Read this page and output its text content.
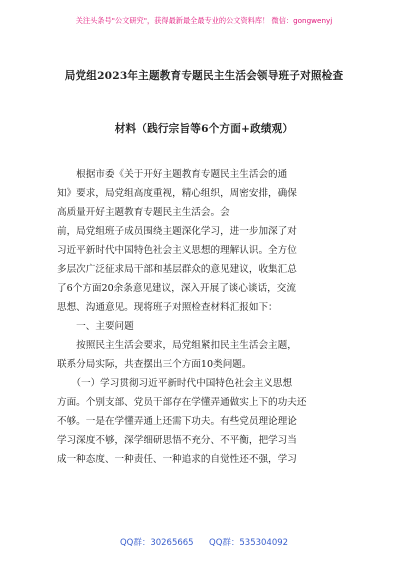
关注头条号"公文研究"，获得最新最全最专业的公文资料库！ 微信：gongwenyj
局党组2023年主题教育专题民主生活会领导班子对照检查
材料（践行宗旨等6个方面+政绩观）
　　根据市委《关于开好主题教育专题民主生活会的通
知》要求，局党组高度重视，精心组织，周密安排，确保
高质量开好主题教育专题民主生活会。会
前，局党组班子成员围绕主题深化学习，进一步加深了对
习近平新时代中国特色社会主义思想的理解认识。全方位
多层次广泛征求局干部和基层群众的意见建议，收集汇总
了6个方面20余条意见建议，深入开展了谈心谈话，交流
思想、沟通意见。现将班子对照检查材料汇报如下：
　　一、主要问题
　　按照民主生活会要求，局党组紧扣民主生活会主题，
联系分局实际，共查摆出三个方面10类问题。
　　（一）学习贯彻习近平新时代中国特色社会主义思想
方面。个别支部、党员干部存在学懂弄通做实上下的功夫还
不够。一是在学懂弄通上还需下功夫。有些党员理论理论
学习深度不够，深学细研思悟不充分、不平衡，把学习当
成一种态度、一种责任、一种追求的自觉性还不强，学习
QQ群：30265665 QQ群：535304092
